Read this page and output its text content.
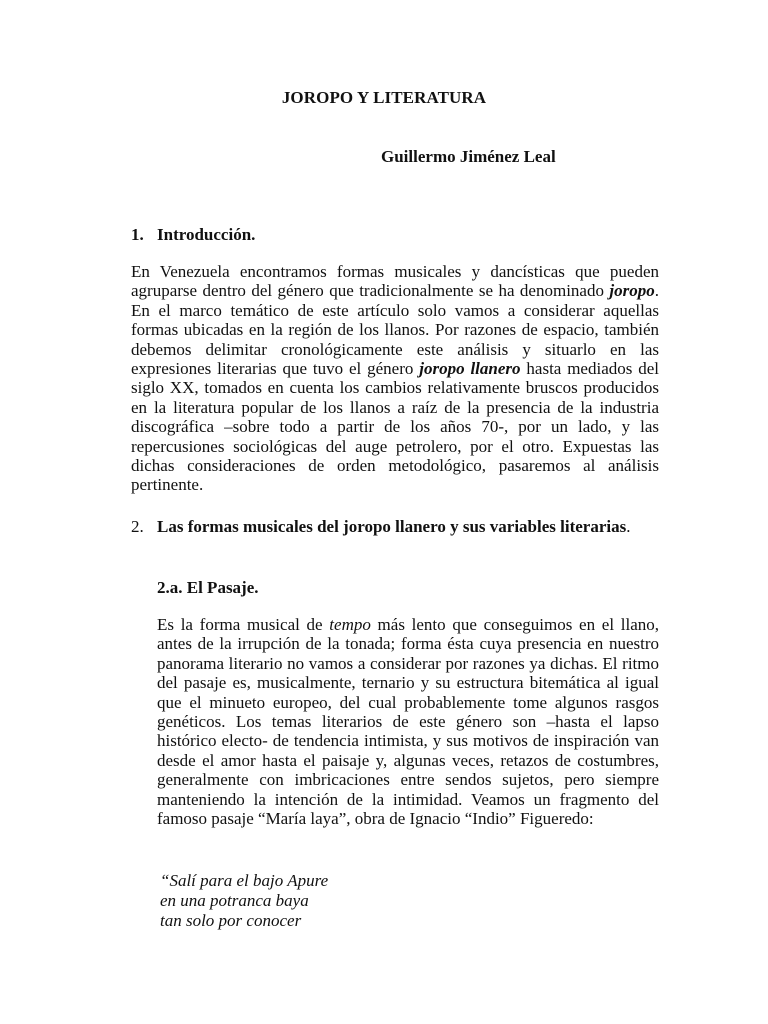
JOROPO Y LITERATURA
Guillermo Jiménez Leal
1. Introducción.

En Venezuela encontramos formas musicales y dancísticas que pueden agruparse dentro del género que tradicionalmente se ha denominado joropo. En el marco temático de este artículo solo vamos a considerar aquellas formas ubicadas en la región de los llanos. Por razones de espacio, también debemos delimitar cronológicamente este análisis y situarlo en las expresiones literarias que tuvo el género joropo llanero hasta mediados del siglo XX, tomados en cuenta los cambios relativamente bruscos producidos en la literatura popular de los llanos a raíz de la presencia de la industria discográfica –sobre todo a partir de los años 70-, por un lado, y las repercusiones sociológicas del auge petrolero, por el otro. Expuestas las dichas consideraciones de orden metodológico, pasaremos al análisis pertinente.

2. Las formas musicales del joropo llanero y sus variables literarias.
2.a. El Pasaje.

Es la forma musical de tempo más lento que conseguimos en el llano, antes de la irrupción de la tonada; forma ésta cuya presencia en nuestro panorama literario no vamos a considerar por razones ya dichas. El ritmo del pasaje es, musicalmente, ternario y su estructura bitemática al igual que el minueto europeo, del cual probablemente tome algunos rasgos genéticos. Los temas literarios de este género son –hasta el lapso histórico electo- de tendencia intimista, y sus motivos de inspiración van desde el amor hasta el paisaje y, algunas veces, retazos de costumbres, generalmente con imbricaciones entre sendos sujetos, pero siempre manteniendo la intención de la intimidad. Veamos un fragmento del famoso pasaje “María laya”, obra de Ignacio “Indio” Figueredo:

“Salí para el bajo Apure
en una potranca baya
tan solo por conocer
